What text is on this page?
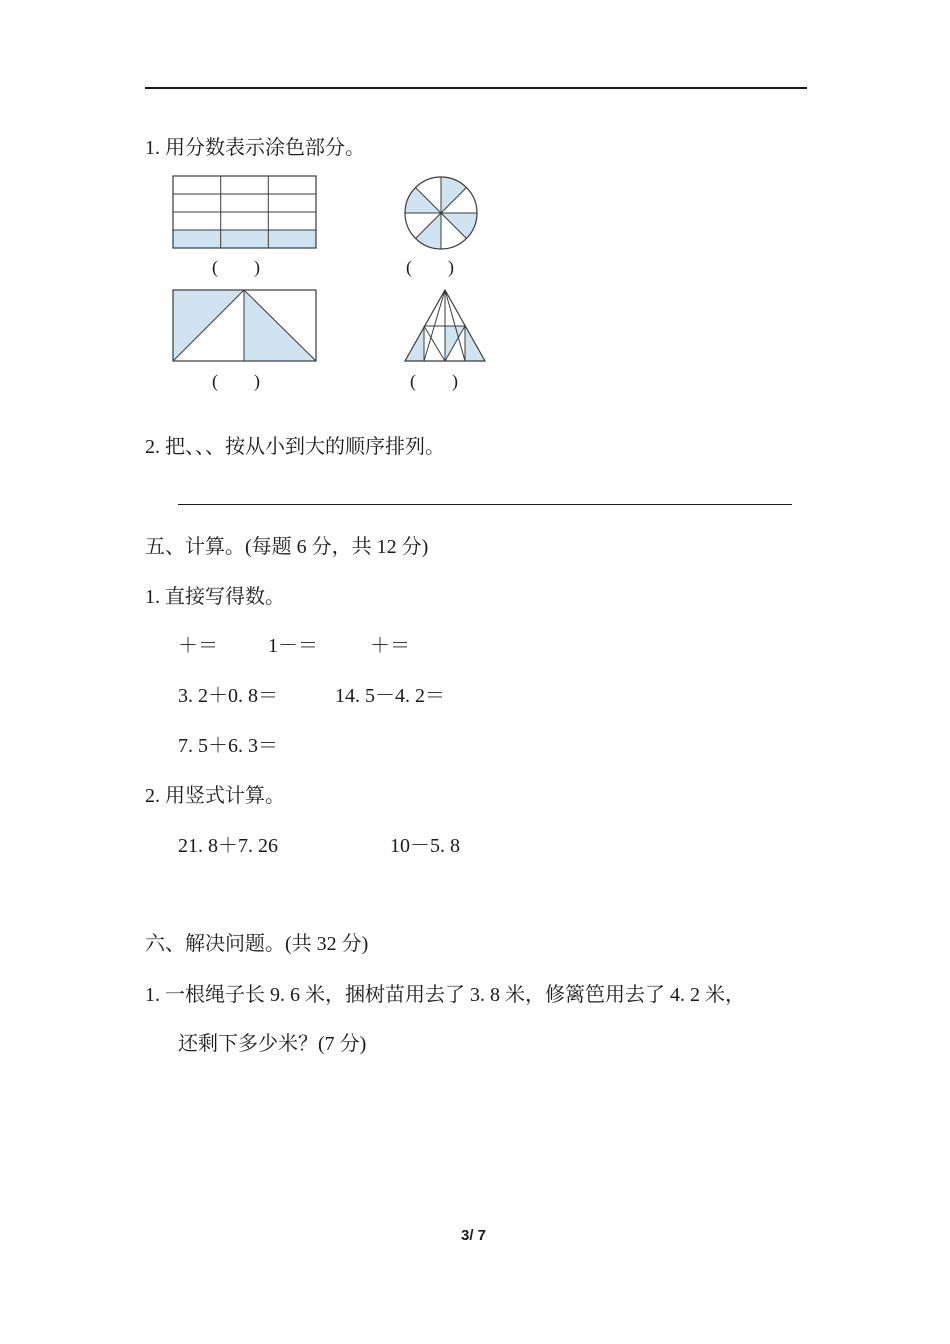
1. 用分数表示涂色部分。
(　　)	(　　)
(　　)	(　　)
2. 把、、、按从小到大的顺序排列。
五、计算。(每题 6 分，共 12 分)
1. 直接写得数。
＋＝	1－＝	＋＝
3. 2＋0. 8＝	14. 5－4. 2＝
7. 5＋6. 3＝
2. 用竖式计算。
21. 8＋7. 26	10－5. 8
六、解决问题。(共 32 分)
1. 一根绳子长 9. 6 米，捆树苗用去了 3. 8 米，修篱笆用去了 4. 2 米，
还剩下多少米？(7 分)
3/ 7
